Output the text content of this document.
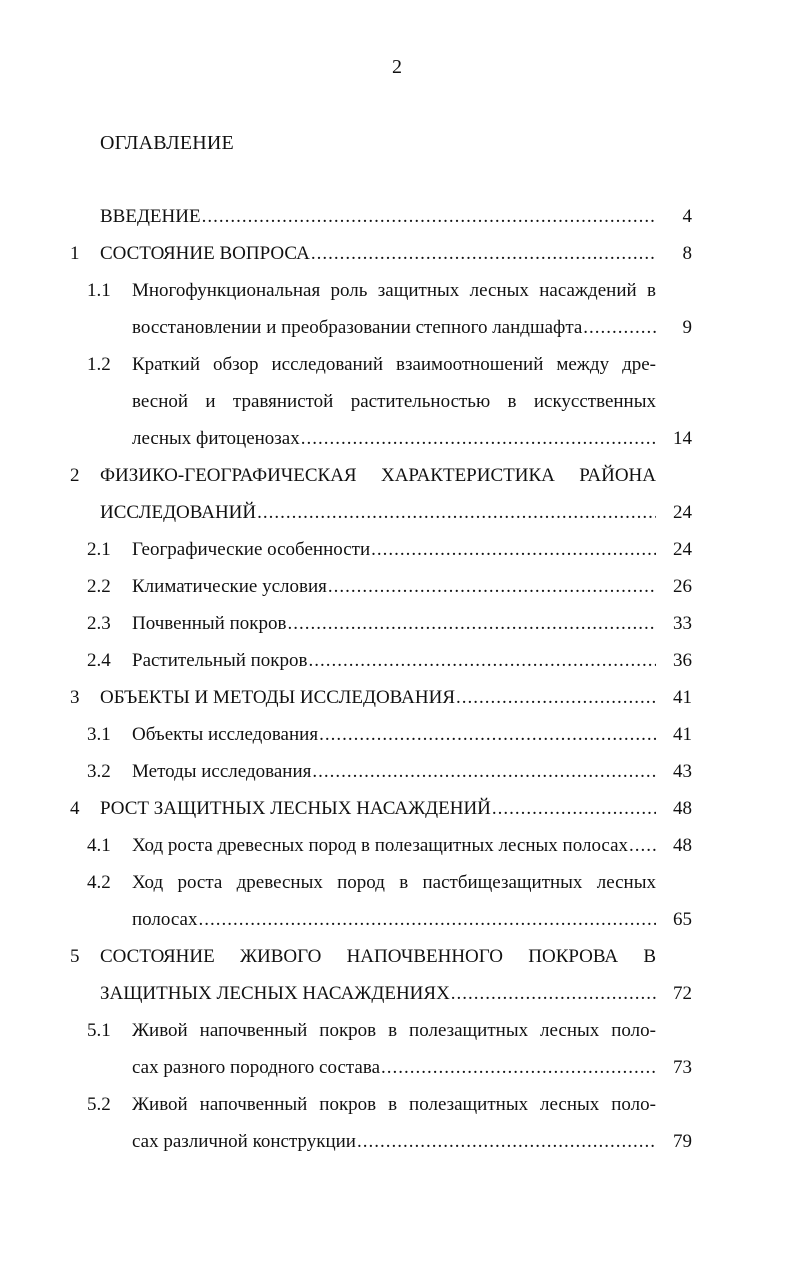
2
ОГЛАВЛЕНИЕ
ВВЕДЕНИЕ .....	4
1 СОСТОЯНИЕ ВОПРОСА .....	8
1.1 Многофункциональная роль защитных лесных насаждений в
восстановлении и преобразовании степного ландшафта .....	9
1.2 Краткий обзор исследований взаимоотношений между дре-
весной и травянистой растительностью в искусственных
лесных фитоценозах .....	14
2 ФИЗИКО-ГЕОГРАФИЧЕСКАЯ ХАРАКТЕРИСТИКА РАЙОНА
ИССЛЕДОВАНИЙ .....	24
2.1 Географические особенности .....	24
2.2 Климатические условия .....	26
2.3 Почвенный покров .....	33
2.4 Растительный покров .....	36
3 ОБЪЕКТЫ И МЕТОДЫ ИССЛЕДОВАНИЯ .....	41
3.1 Объекты исследования .....	41
3.2 Методы исследования .....	43
4 РОСТ ЗАЩИТНЫХ ЛЕСНЫХ НАСАЖДЕНИЙ .....	48
4.1 Ход роста древесных пород в полезащитных лесных полосах .....	48
4.2 Ход роста древесных пород в пастбищезащитных лесных
полосах .....	65
5 СОСТОЯНИЕ ЖИВОГО НАПОЧВЕННОГО ПОКРОВА В
ЗАЩИТНЫХ ЛЕСНЫХ НАСАЖДЕНИЯХ .....	72
5.1 Живой напочвенный покров в полезащитных лесных поло-
сах разного породного состава .....	73
5.2 Живой напочвенный покров в полезащитных лесных поло-
сах различной конструкции .....	79
